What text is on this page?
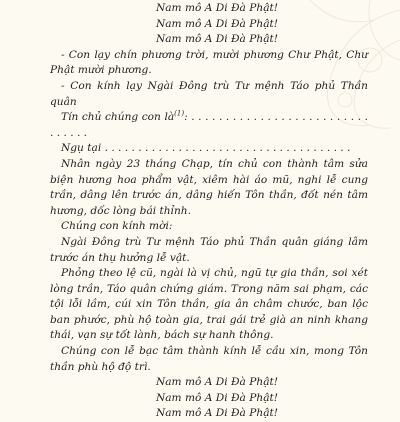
Nam mô A Di Đà Phật!
Nam mô A Di Đà Phật!
Nam mô A Di Đà Phật!

- Con lạy chín phương trời, mười phương Chư Phật, Chư Phật mười phương.

- Con kính lạy Ngài Đông trù Tư mệnh Táo phủ Thần quân

Tín chủ chúng con $là^{(1)}$: . . . . . . . . . . . . . . . . . . . . . . . . . . . . . . . .

Ngụ tại . . . . . . . . . . . . . . . . . . . . . . . . . . . . . . . . . . . . .

Nhân ngày 23 tháng Chạp, tín chủ con thành tâm sửa biện hương hoa phẩm vật, xiêm hài áo mũ, nghi lễ cung trần, dâng lên trước án, dâng hiến Tôn thần, đốt nén tâm hương, dốc lòng bái thỉnh.

Chúng con kính mời:

Ngài Đông trù Tư mệnh Táo phủ Thần quân giáng lâm trước án thụ hưởng lễ vật.

Phỏng theo lệ cũ, ngài là vị chủ, ngũ tự gia thần, soi xét lòng trần, Táo quân chứng giám. Trong năm sai phạm, các tội lỗi lầm, cúi xin Tôn thần, gia ân châm chước, ban lộc ban phước, phù hộ toàn gia, trai gái trẻ già an ninh khang thái, vạn sự tốt lành, bách sự hanh thông.

Chúng con lễ bạc tâm thành kính lễ cầu xin, mong Tôn thần phù hộ độ trì.

Nam mô A Di Đà Phật!
Nam mô A Di Đà Phật!
Nam mô A Di Đà Phật!
